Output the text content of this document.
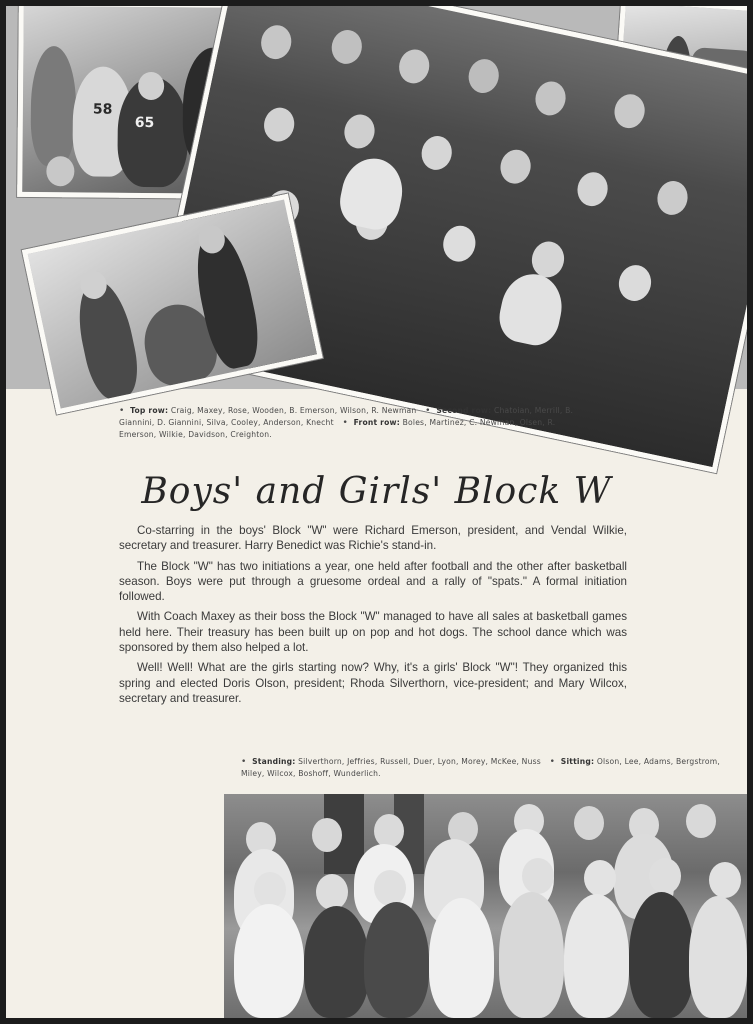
58
65
• Top row: Craig, Maxey, Rose, Wooden, B. Emerson, Wilson, R. Newman   • Second row: Chatoian, Merrill, B. Giannini, D. Giannini, Silva, Cooley, Anderson, Knecht   • Front row: Boles, Martinez, C. Newman, Olsen, R. Emerson, Wilkie, Davidson, Creighton.
Boys' and Girls' Block W

Co-starring in the boys' Block "W" were Richard Emerson, president, and Vendal Wilkie, secretary and treasurer. Harry Benedict was Richie's stand-in.

The Block "W" has two initiations a year, one held after football and the other after basketball season. Boys were put through a gruesome ordeal and a rally of "spats." A formal initiation followed.

With Coach Maxey as their boss the Block "W" managed to have all sales at basketball games held here. Their treasury has been built up on pop and hot dogs. The school dance which was sponsored by them also helped a lot.

Well! Well! What are the girls starting now? Why, it's a girls' Block "W"! They organized this spring and elected Doris Olson, president; Rhoda Silverthorn, vice-president; and Mary Wilcox, secretary and treasurer.

• Standing: Silverthorn, Jeffries, Russell, Duer, Lyon, Morey, McKee, Nuss   • Sitting: Olson, Lee, Adams, Bergstrom, Miley, Wilcox, Boshoff, Wunderlich.
